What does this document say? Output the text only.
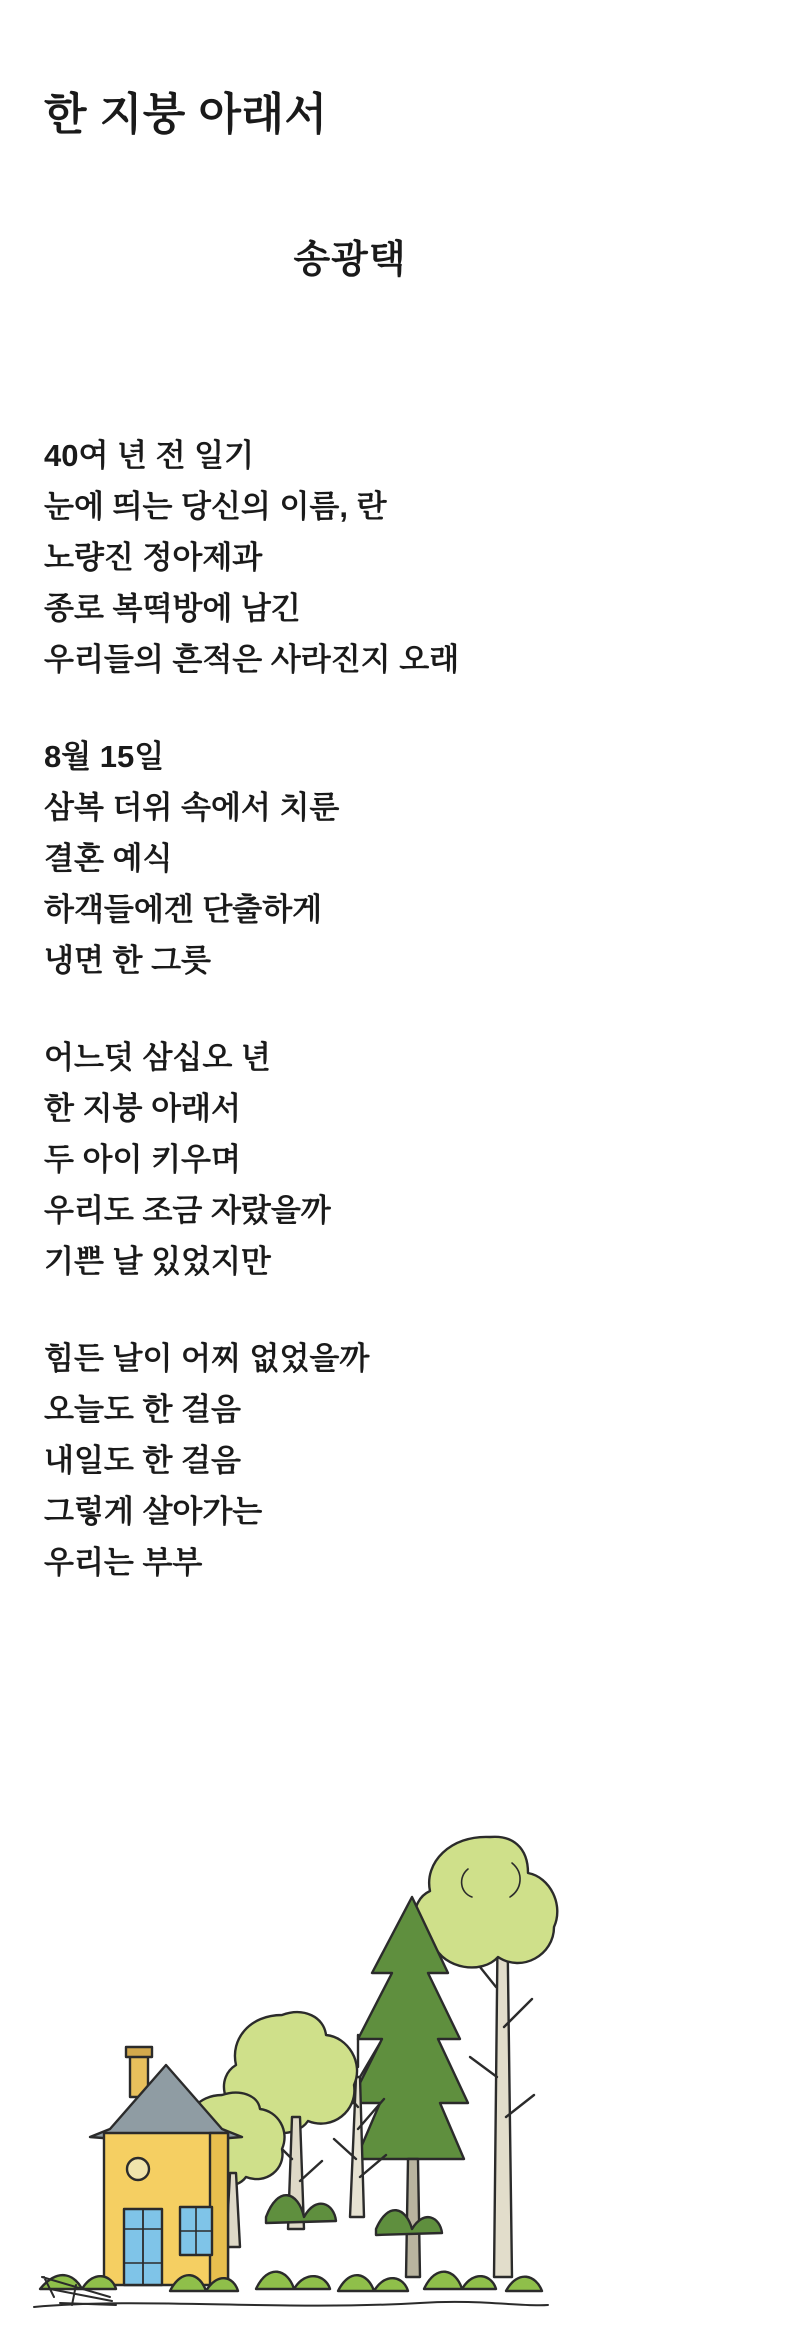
한 지붕 아래서
송광택
40여 년 전 일기
눈에 띄는 당신의 이름, 란
노량진 정아제과
종로 복떡방에 남긴
우리들의 흔적은 사라진지 오래
8월 15일
삼복 더위 속에서 치룬
결혼 예식
하객들에겐 단출하게
냉면 한 그릇
어느덧 삼십오 년
한 지붕 아래서
두 아이 키우며
우리도 조금 자랐을까
기쁜 날 있었지만
힘든 날이 어찌 없었을까
오늘도 한 걸음
내일도 한 걸음
그렇게 살아가는
우리는 부부
